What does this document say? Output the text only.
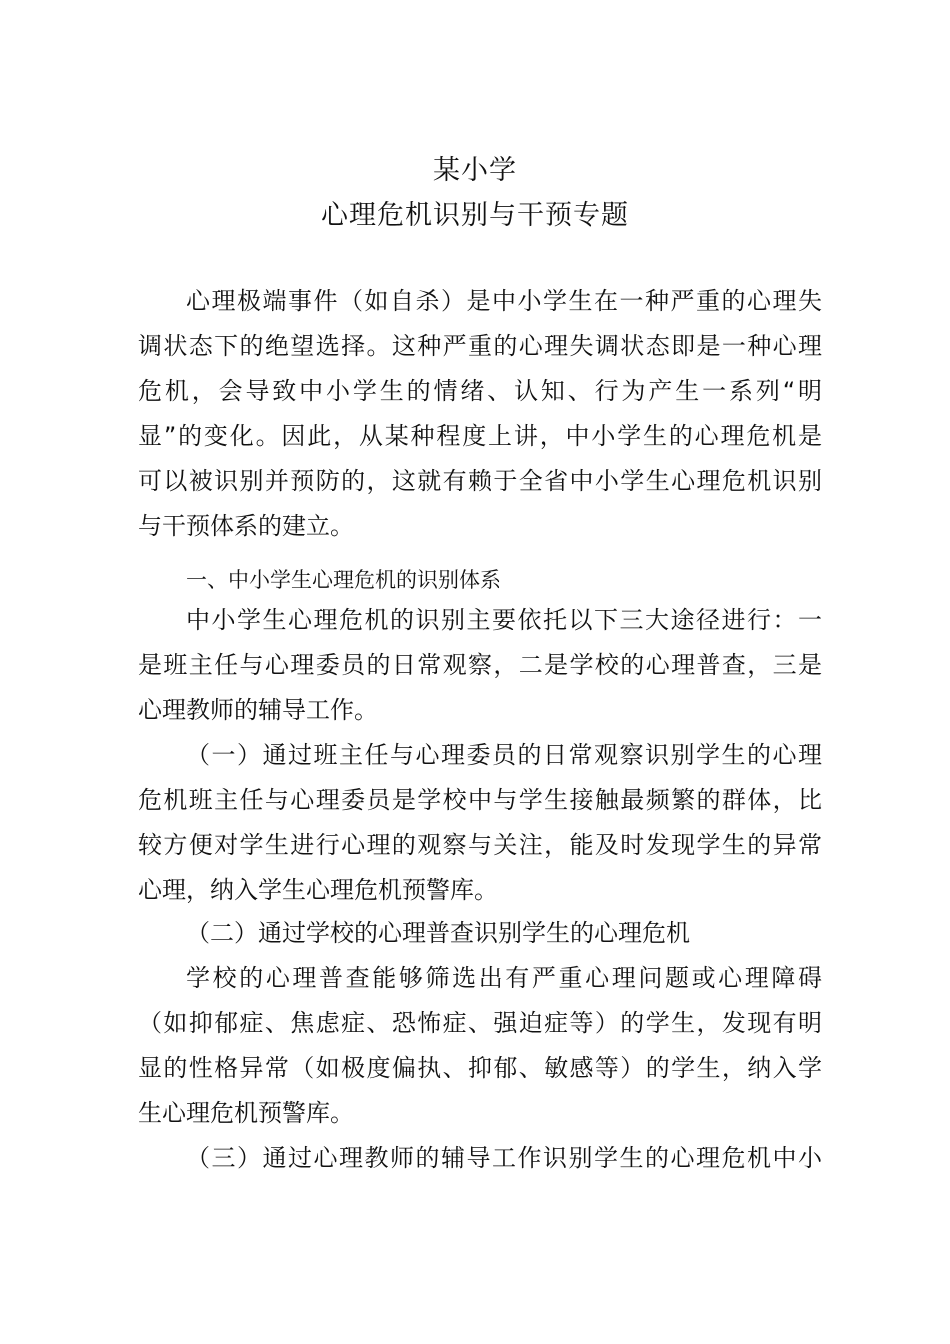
某小学
心理危机识别与干预专题

心理极端事件（如自杀）是中小学生在一种严重的心理失

调状态下的绝望选择。这种严重的心理失调状态即是一种心理

危机，会导致中小学生的情绪、认知、行为产生一系列“明

显”的变化。因此，从某种程度上讲，中小学生的心理危机是

可以被识别并预防的，这就有赖于全省中小学生心理危机识别

与干预体系的建立。

一、中小学生心理危机的识别体系

中小学生心理危机的识别主要依托以下三大途径进行：一

是班主任与心理委员的日常观察，二是学校的心理普查，三是

心理教师的辅导工作。

（一）通过班主任与心理委员的日常观察识别学生的心理

危机班主任与心理委员是学校中与学生接触最频繁的群体，比

较方便对学生进行心理的观察与关注，能及时发现学生的异常

心理，纳入学生心理危机预警库。

（二）通过学校的心理普查识别学生的心理危机

学校的心理普查能够筛选出有严重心理问题或心理障碍

（如抑郁症、焦虑症、恐怖症、强迫症等）的学生，发现有明

显的性格异常（如极度偏执、抑郁、敏感等）的学生，纳入学

生心理危机预警库。

（三）通过心理教师的辅导工作识别学生的心理危机中小
